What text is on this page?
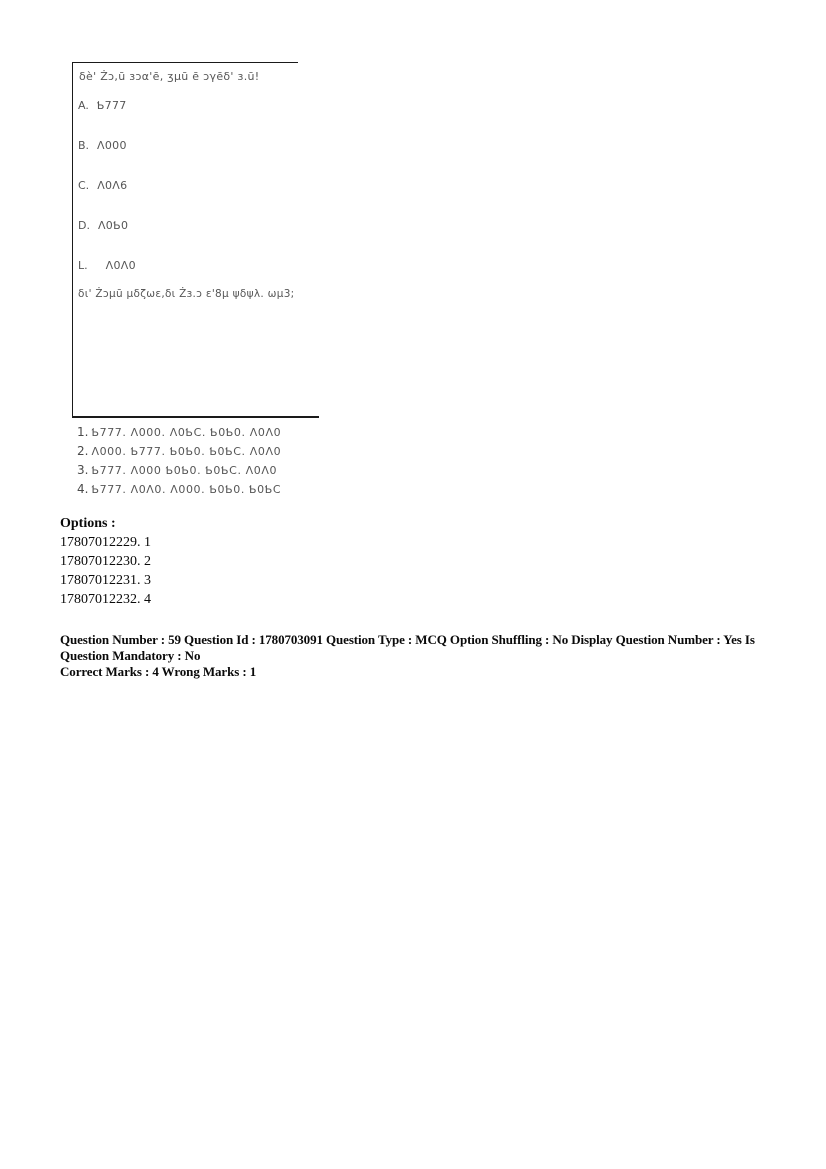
δè' Żɔ,ū ɜɔα'ē, ʒμū ē ɔγēδ' ɜ.ū!
A. Ƅ777
B. Λ000
C. Λ0Λ6
D. Λ0Ƅ0
L. Λ0Λ0
δι' Żɔμū μδζωε,δι Żɜ.ɔ ε'8μ ψδψλ. ωμ3;
1. Ƅ777. Λ000. Λ0ƄC. Ƅ0Ƅ0. Λ0Λ0
2. Λ000. Ƅ777. Ƅ0Ƅ0. Ƅ0ƄC. Λ0Λ0
3. Ƅ777. Λ000 Ƅ0Ƅ0. Ƅ0ƄC. Λ0Λ0
4. Ƅ777. Λ0Λ0. Λ000. Ƅ0Ƅ0. Ƅ0ƄC
Options :
17807012229. 1
17807012230. 2
17807012231. 3
17807012232. 4
Question Number : 59 Question Id : 1780703091 Question Type : MCQ Option Shuffling : No Display Question Number : Yes Is
Question Mandatory : No
Correct Marks : 4 Wrong Marks : 1
